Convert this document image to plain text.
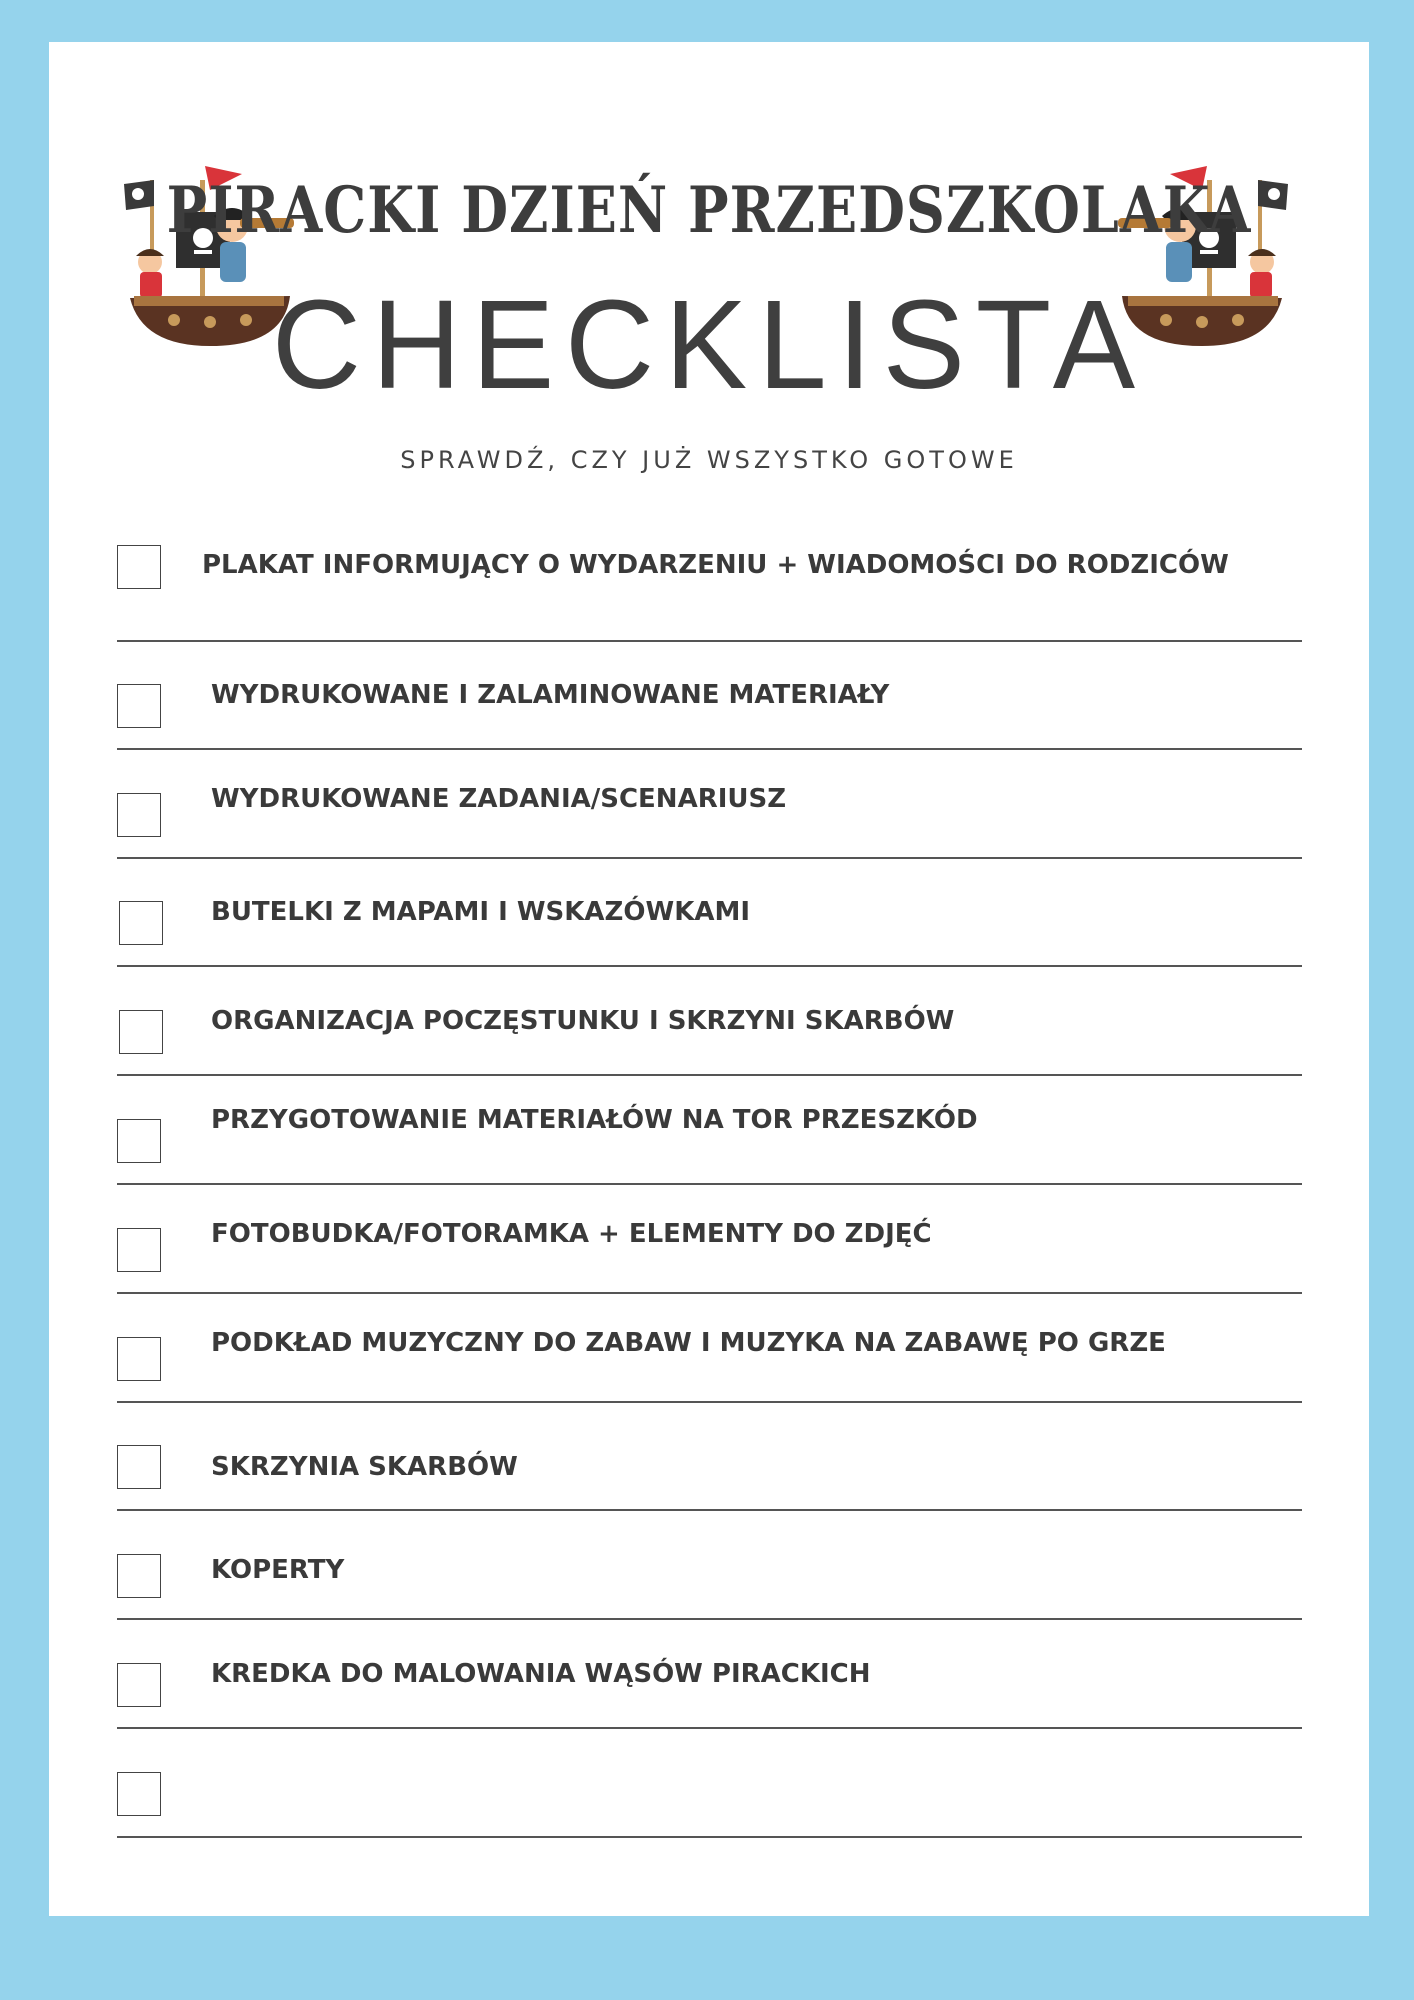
PIRACKI DZIEŃ PRZEDSZKOLAKA
CHECKLISTA
SPRAWDŹ, CZY JUŻ WSZYSTKO GOTOWE
PLAKAT INFORMUJĄCY O WYDARZENIU + WIADOMOŚCI DO RODZICÓW
WYDRUKOWANE I ZALAMINOWANE MATERIAŁY
WYDRUKOWANE ZADANIA/SCENARIUSZ
BUTELKI Z MAPAMI I WSKAZÓWKAMI
ORGANIZACJA POCZĘSTUNKU I SKRZYNI SKARBÓW
PRZYGOTOWANIE MATERIAŁÓW NA TOR PRZESZKÓD
FOTOBUDKA/FOTORAMKA + ELEMENTY DO ZDJĘĆ
PODKŁAD MUZYCZNY DO ZABAW I MUZYKA NA ZABAWĘ PO GRZE
SKRZYNIA SKARBÓW
KOPERTY
KREDKA DO MALOWANIA WĄSÓW PIRACKICH
